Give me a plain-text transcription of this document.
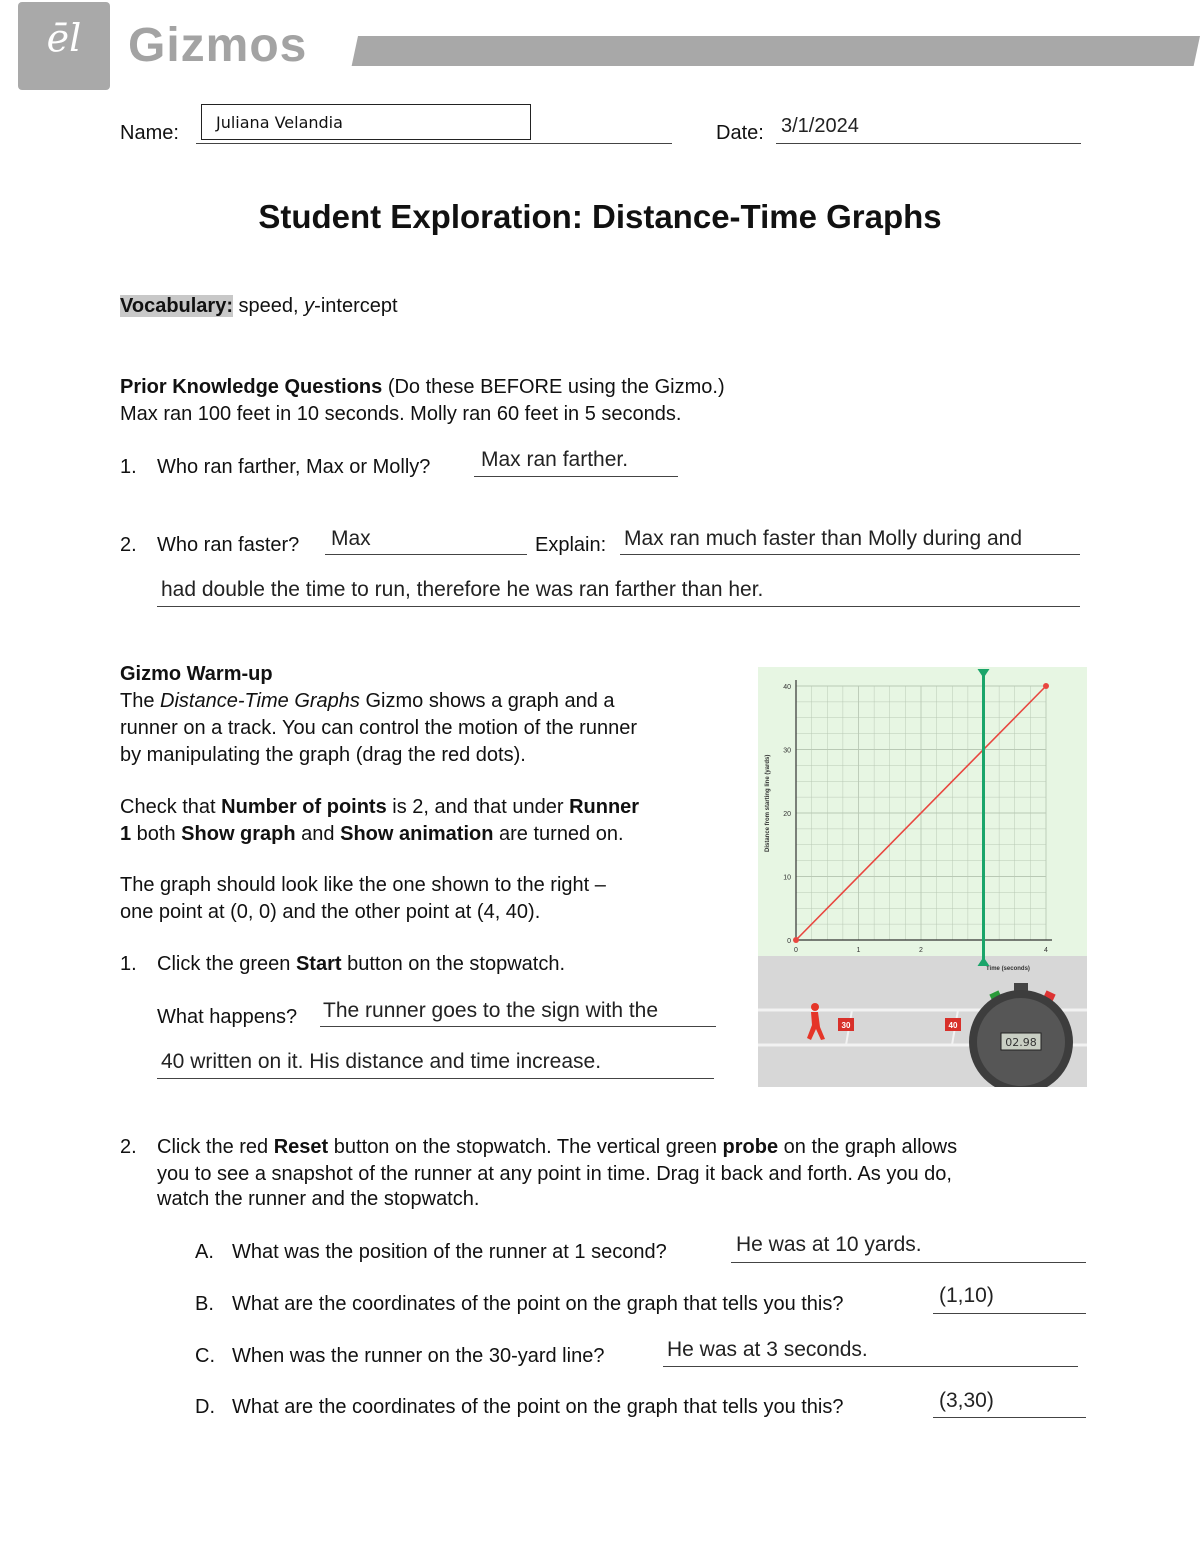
ēl Gizmos
Name:	Juliana Velandia	Date: 3/1/2024
Student Exploration: Distance-Time Graphs
Vocabulary: speed, y-intercept
Prior Knowledge Questions (Do these BEFORE using the Gizmo.)
Max ran 100 feet in 10 seconds. Molly ran 60 feet in 5 seconds.
1. Who ran farther, Max or Molly? Max ran farther.
2. Who ran faster? Max	Explain: Max ran much faster than Molly during and
had double the time to run, therefore he was ran farther than her.
Gizmo Warm-up
The Distance-Time Graphs Gizmo shows a graph and a
runner on a track. You can control the motion of the runner
by manipulating the graph (drag the red dots).
Check that Number of points is 2, and that under Runner
1 both Show graph and Show animation are turned on.
The graph should look like the one shown to the right –
one point at (0, 0) and the other point at (4, 40).
1. Click the green Start button on the stopwatch.
What happens? The runner goes to the sign with the
40 written on it. His distance and time increase.
2. Click the red Reset button on the stopwatch. The vertical green probe on the graph allows
you to see a snapshot of the runner at any point in time. Drag it back and forth. As you do,
watch the runner and the stopwatch.
A. What was the position of the runner at 1 second?	He was at 10 yards.
B. What are the coordinates of the point on the graph that tells you this?	(1,10)
C. When was the runner on the 30-yard line?	He was at 3 seconds.
D. What are the coordinates of the point on the graph that tells you this?	(3,30)
0	1	2	4
0
10
20
30
40
Distance from starting line (yards)
Time (seconds)
30	40
02.98
